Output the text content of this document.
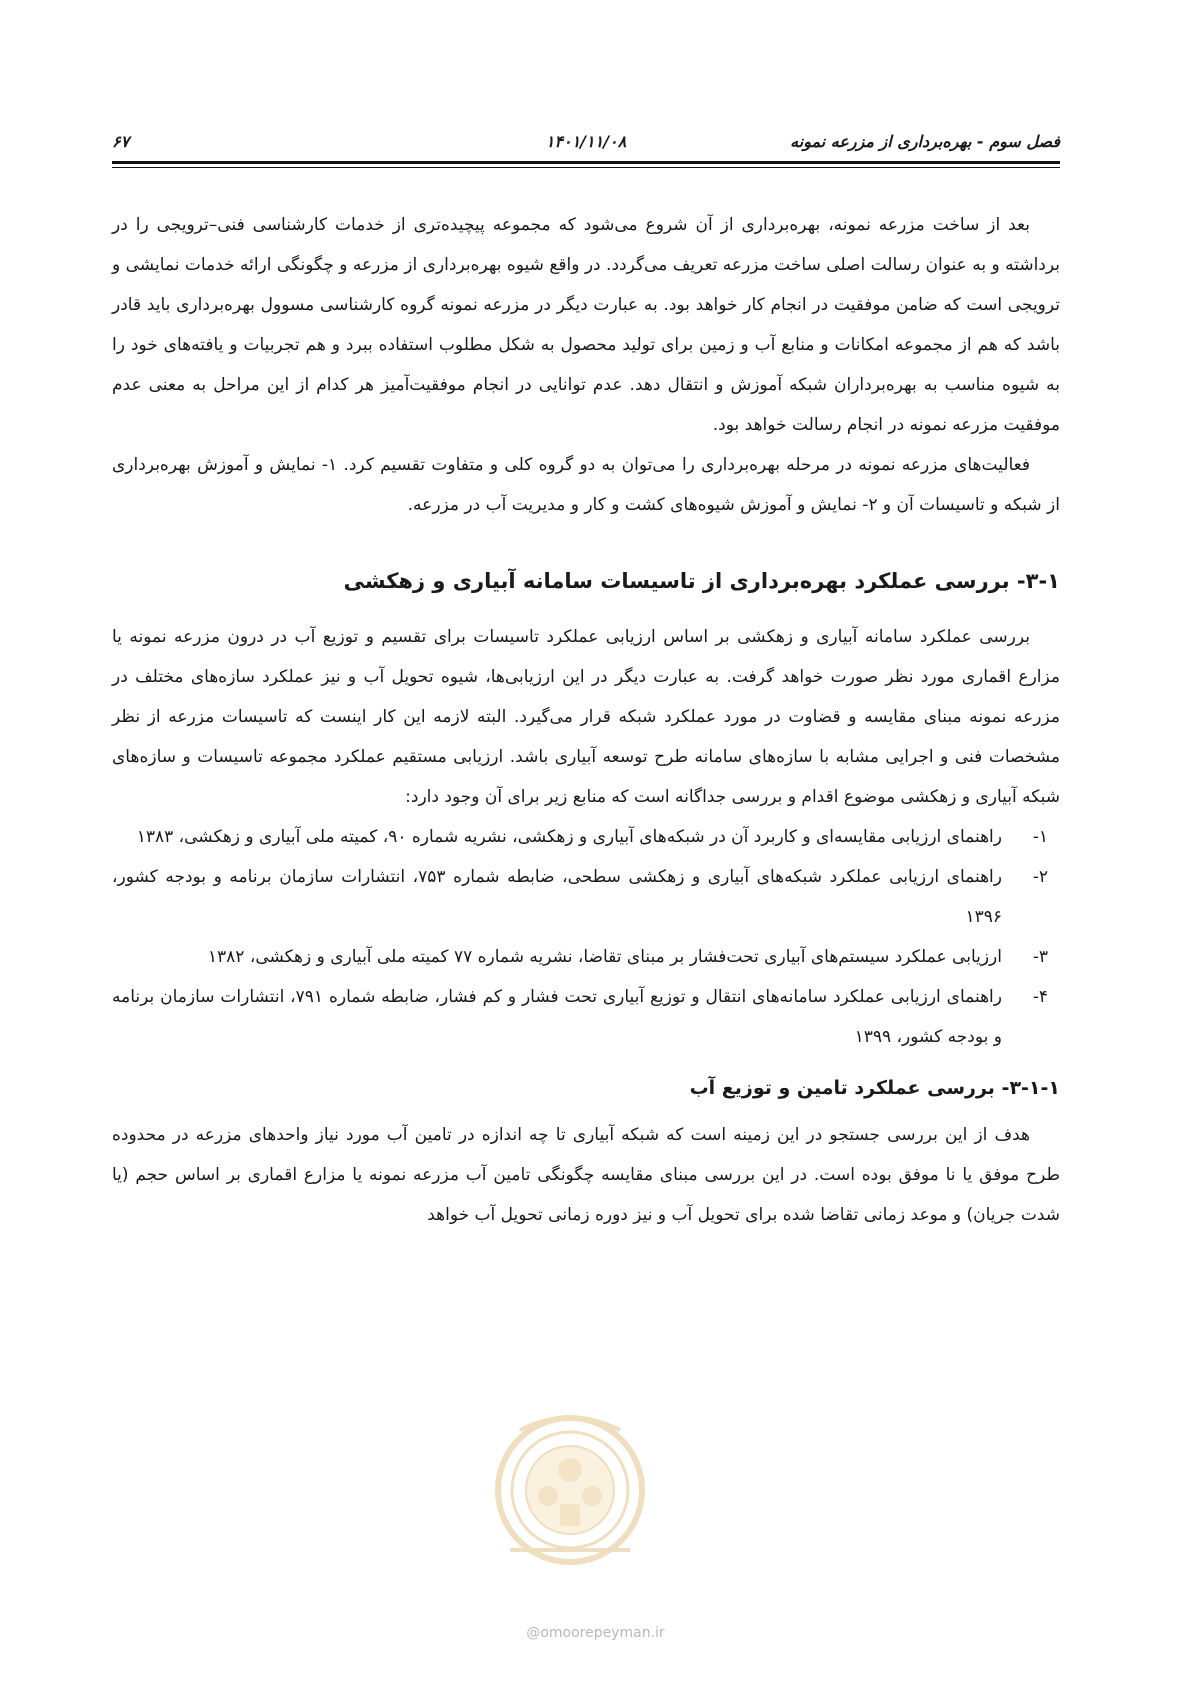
فصل سوم - بهره‌برداری از مزرعه نمونه
۱۴۰۱/۱۱/۰۸
۶۷

بعد از ساخت مزرعه نمونه، بهره‌برداری از آن شروع می‌شود که مجموعه پیچیده‌تری از خدمات کارشناسی فنی–ترویجی را در برداشته و به عنوان رسالت اصلی ساخت مزرعه تعریف می‌گردد. در واقع شیوه بهره‌برداری از مزرعه و چگونگی ارائه خدمات نمایشی و ترویجی است که ضامن موفقیت در انجام کار خواهد بود. به عبارت دیگر در مزرعه نمونه گروه کارشناسی مسوول بهره‌برداری باید قادر باشد که هم از مجموعه امکانات و منابع آب و زمین برای تولید محصول به شکل مطلوب استفاده ببرد و هم تجربیات و یافته‌های خود را به شیوه مناسب به بهره‌برداران شبکه آموزش و انتقال دهد. عدم توانایی در انجام موفقیت‌آمیز هر کدام از این مراحل به معنی عدم موفقیت مزرعه نمونه در انجام رسالت خواهد بود.

فعالیت‌های مزرعه نمونه در مرحله بهره‌برداری را می‌توان به دو گروه کلی و متفاوت تقسیم کرد. ۱- نمایش و آموزش بهره‌برداری از شبکه و تاسیسات آن و ۲- نمایش و آموزش شیوه‌های کشت و کار و مدیریت آب در مزرعه.

۳-۱- بررسی عملکرد بهره‌برداری از تاسیسات سامانه آبیاری و زهکشی

بررسی عملکرد سامانه آبیاری و زهکشی بر اساس ارزیابی عملکرد تاسیسات برای تقسیم و توزیع آب در درون مزرعه نمونه یا مزارع اقماری مورد نظر صورت خواهد گرفت. به عبارت دیگر در این ارزیابی‌ها، شیوه تحویل آب و نیز عملکرد سازه‌های مختلف در مزرعه نمونه مبنای مقایسه و قضاوت در مورد عملکرد شبکه قرار می‌گیرد. البته لازمه این کار اینست که تاسیسات مزرعه از نظر مشخصات فنی و اجرایی مشابه با سازه‌های سامانه طرح توسعه آبیاری باشد. ارزیابی مستقیم عملکرد مجموعه تاسیسات و سازه‌های شبکه آبیاری و زهکشی موضوع اقدام و بررسی جداگانه است که منابع زیر برای آن وجود دارد:

۱-
راهنمای ارزیابی مقایسه‌ای و کاربرد آن در شبکه‌های آبیاری و زهکشی، نشریه شماره ۹۰، کمیته ملی آبیاری و زهکشی، ۱۳۸۳
۲-
راهنمای ارزیابی عملکرد شبکه‌های آبیاری و زهکشی سطحی، ضابطه شماره ۷۵۳، انتشارات سازمان برنامه و بودجه کشور، ۱۳۹۶
۳-
ارزیابی عملکرد سیستم‌های آبیاری تحت‌فشار بر مبنای تقاضا، نشریه شماره ۷۷ کمیته ملی آبیاری و زهکشی، ۱۳۸۲
۴-
راهنمای ارزیابی عملکرد سامانه‌های انتقال و توزیع آبیاری تحت فشار و کم فشار، ضابطه شماره ۷۹۱، انتشارات سازمان برنامه و بودجه کشور، ۱۳۹۹
۳-۱-۱- بررسی عملکرد تامین و توزیع آب

هدف از این بررسی جستجو در این زمینه است که شبکه آبیاری تا چه اندازه در تامین آب مورد نیاز واحدهای مزرعه در محدوده طرح موفق یا نا موفق بوده است. در این بررسی مبنای مقایسه چگونگی تامین آب مزرعه نمونه یا مزارع اقماری بر اساس حجم (یا شدت جریان) و موعد زمانی تقاضا شده برای تحویل آب و نیز دوره زمانی تحویل آب خواهد

@omoorepeyman.ir
